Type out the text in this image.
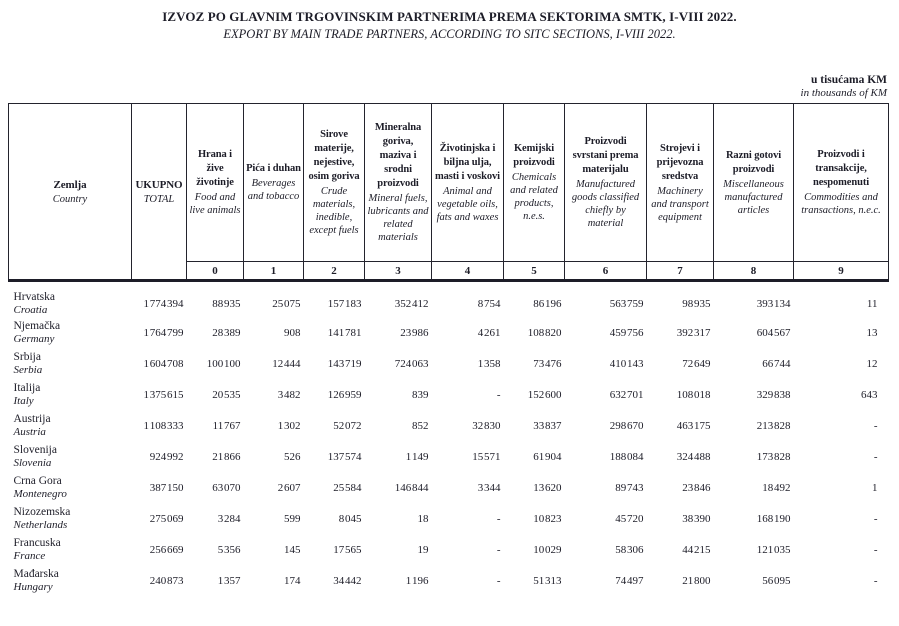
IZVOZ PO GLAVNIM TRGOVINSKIM PARTNERIMA PREMA SEKTORIMA SMTK, I-VIII 2022.
EXPORT BY MAIN TRADE PARTNERS, ACCORDING TO SITC SECTIONS, I-VIII 2022.
u tisućama KM
in thousands of KM
Zemlja
Country

UKUPNO
TOTAL

Hrana i žive životinje
Food and live animals

Pića i duhan
Beverages and tobacco

Sirove materije, nejestive, osim goriva
Crude materials, inedible, except fuels

Mineralna goriva, maziva i srodni proizvodi
Mineral fuels, lubricants and related materials

Životinjska i biljna ulja, masti i voskovi
Animal and vegetable oils, fats and waxes

Kemijski proizvodi
Chemicals and related products, n.e.s.

Proizvodi svrstani prema materijalu
Manufactured goods classified chiefly by material

Strojevi i prijevozna sredstva
Machinery and transport equipment

Razni gotovi proizvodi
Miscellaneous manufactured articles

Proizvodi i transakcije, nespomenuti
Commodities and transactions, n.e.c.

		0	1	2	3	4	5	6	7	8	9

Hrvatska
Croatia	1 774 394	88 935	25 075	157 183	352 412	8 754	86 196	563 759	98 935	393 134	11

Njemačka
Germany	1 764 799	28 389	908	141 781	23 986	4 261	108 820	459 756	392 317	604 567	13

Srbija
Serbia	1 604 708	100 100	12 444	143 719	724 063	1 358	73 476	410 143	72 649	66 744	12

Italija
Italy	1 375 615	20 535	3 482	126 959	839	-	152 600	632 701	108 018	329 838	643

Austrija
Austria	1 108 333	11 767	1 302	52 072	852	32 830	33 837	298 670	463 175	213 828	-

Slovenija
Slovenia	924 992	21 866	526	137 574	1 149	15 571	61 904	188 084	324 488	173 828	-

Crna Gora
Montenegro	387 150	63 070	2 607	25 584	146 844	3 344	13 620	89 743	23 846	18 492	1

Nizozemska
Netherlands	275 069	3 284	599	8 045	18	-	10 823	45 720	38 390	168 190	-

Francuska
France	256 669	5 356	145	17 565	19	-	10 029	58 306	44 215	121 035	-

Mađarska
Hungary	240 873	1 357	174	34 442	1 196	-	51 313	74 497	21 800	56 095	-
